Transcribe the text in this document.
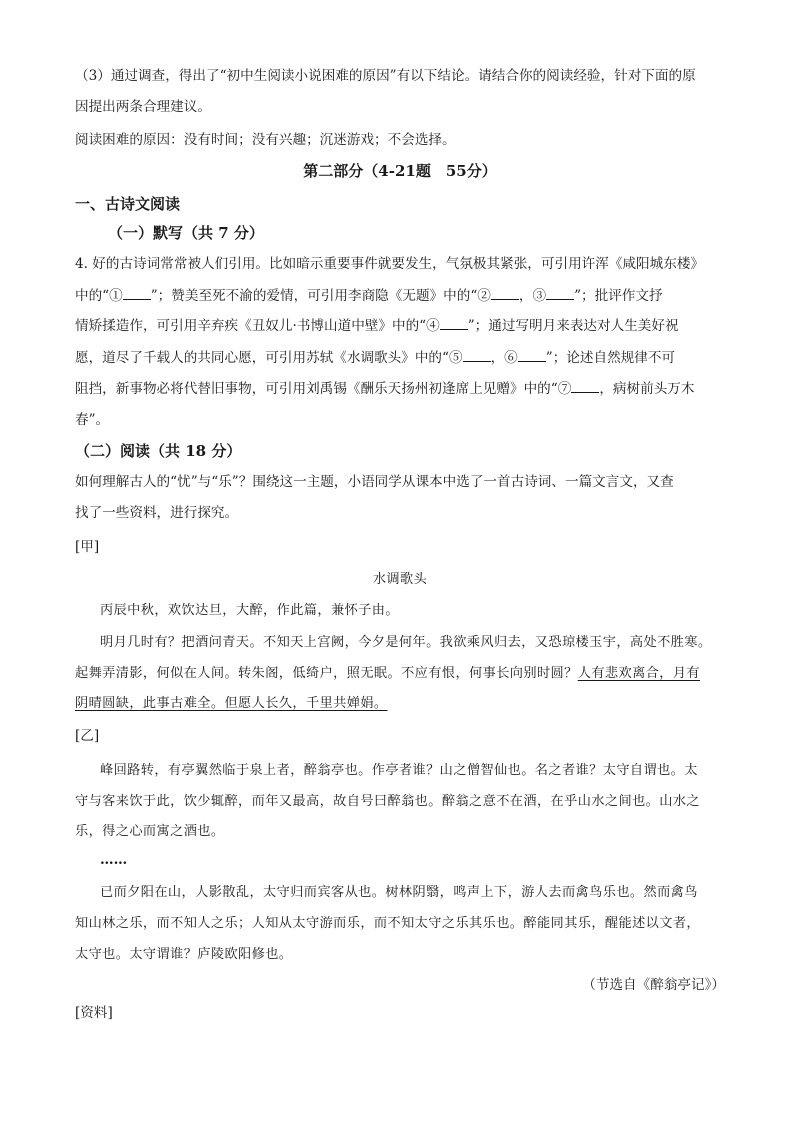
（3）通过调查，得出了“初中生阅读小说困难的原因”有以下结论。请结合你的阅读经验，针对下面的原

因提出两条合理建议。

阅读困难的原因：没有时间；没有兴趣；沉迷游戏；不会选择。

第二部分（4-21题　55分）

一、古诗文阅读

（一）默写（共 7 分）

4. 好的古诗词常常被人们引用。比如暗示重要事件就要发生，气氛极其紧张，可引用许浑《咸阳城东楼》

中的“① ”；赞美至死不渝的爱情，可引用李商隐《无题》中的“② ，③ ”；批评作文抒

情矫揉造作，可引用辛弃疾《丑奴儿·书博山道中壁》中的“④ ”；通过写明月来表达对人生美好祝

愿，道尽了千载人的共同心愿，可引用苏轼《水调歌头》中的“⑤ ，⑥ ”；论述自然规律不可

阻挡，新事物必将代替旧事物，可引用刘禹锡《酬乐天扬州初逢席上见赠》中的“⑦ ，病树前头万木

春”。

（二）阅读（共 18 分）

如何理解古人的“忧”与“乐”？围绕这一主题，小语同学从课本中选了一首古诗词、一篇文言文，又查

找了一些资料，进行探究。

[甲]

水调歌头

丙辰中秋，欢饮达旦，大醉，作此篇，兼怀子由。

明月几时有？把酒问青天。不知天上宫阙，今夕是何年。我欲乘风归去，又恐琼楼玉宇，高处不胜寒。

起舞弄清影，何似在人间。转朱阁，低绮户，照无眠。不应有恨，何事长向别时圆？人有悲欢离合，月有

阴晴圆缺，此事古难全。但愿人长久，千里共婵娟。

[乙]

峰回路转，有亭翼然临于泉上者，醉翁亭也。作亭者谁？山之僧智仙也。名之者谁？太守自谓也。太

守与客来饮于此，饮少辄醉，而年又最高，故自号曰醉翁也。醉翁之意不在酒，在乎山水之间也。山水之

乐，得之心而寓之酒也。

……

已而夕阳在山，人影散乱，太守归而宾客从也。树林阴翳，鸣声上下，游人去而禽鸟乐也。然而禽鸟

知山林之乐，而不知人之乐；人知从太守游而乐，而不知太守之乐其乐也。醉能同其乐，醒能述以文者，

太守也。太守谓谁？庐陵欧阳修也。

（节选自《醉翁亭记》）

[资料]
